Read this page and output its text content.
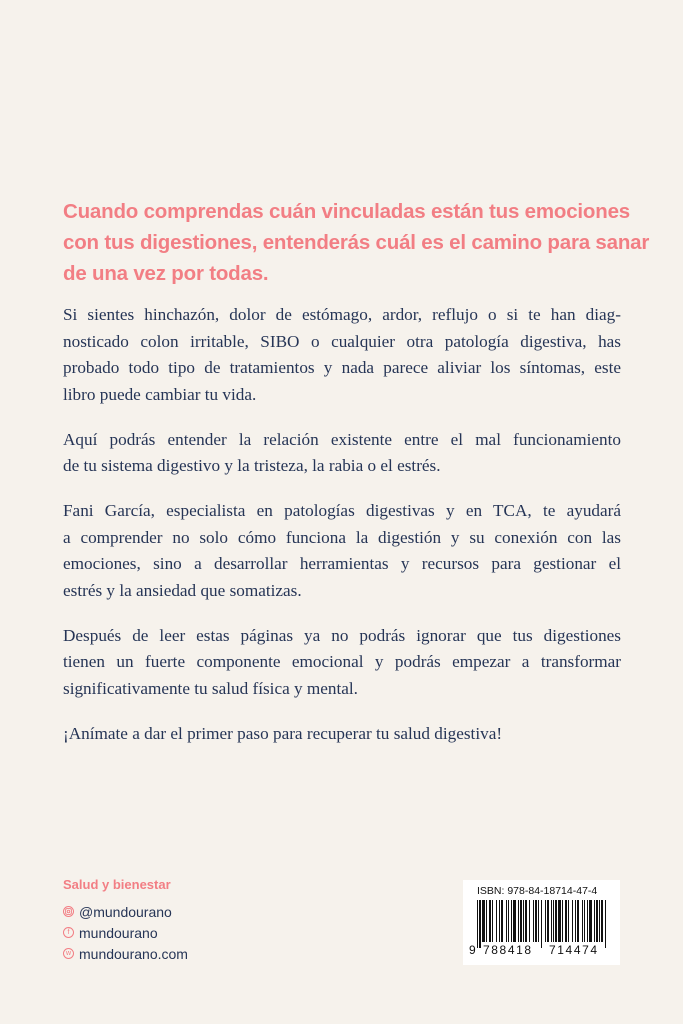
Cuando comprendas cuán vinculadas están tus emociones
con tus digestiones, entenderás cuál es el camino para sanar
de una vez por todas.

Si sientes hinchazón, dolor de estómago, ardor, reflujo o si te han diag-
nosticado colon irritable, SIBO o cualquier otra patología digestiva, has
probado todo tipo de tratamientos y nada parece aliviar los síntomas, este
libro puede cambiar tu vida.

Aquí podrás entender la relación existente entre el mal funcionamiento
de tu sistema digestivo y la tristeza, la rabia o el estrés.

Fani García, especialista en patologías digestivas y en TCA, te ayudará
a comprender no solo cómo funciona la digestión y su conexión con las
emociones, sino a desarrollar herramientas y recursos para gestionar el
estrés y la ansiedad que somatizas.

Después de leer estas páginas ya no podrás ignorar que tus digestiones
tienen un fuerte componente emocional y podrás empezar a transformar
significativamente tu salud física y mental.

¡Anímate a dar el primer paso para recuperar tu salud digestiva!

Salud y bienestar
@mundourano
f mundourano
w mundourano.com
ISBN: 978-84-18714-47-4
9 788418 714474
